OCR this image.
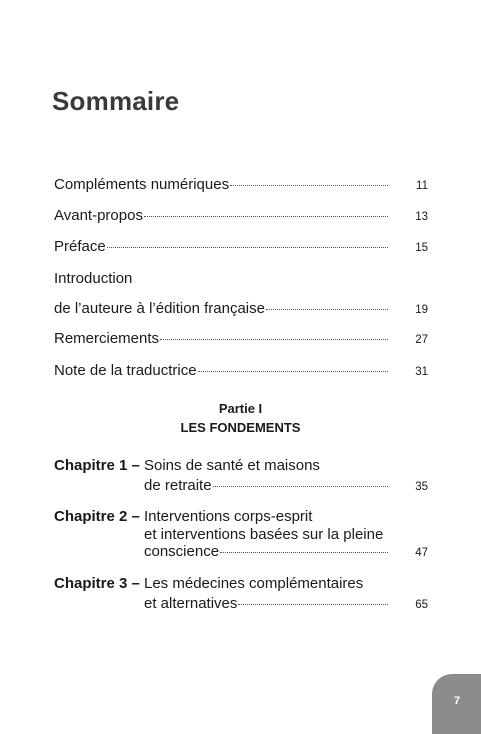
Sommaire
Compléments numériques	11
Avant-propos	13
Préface	15
Introduction
de l’auteure à l’édition française	19
Remerciements	27
Note de la traductrice	31
Partie I
LES FONDEMENTS
Chapitre 1 – Soins de santé et maisons
de retraite	35
Chapitre 2 – Interventions corps-esprit
et interventions basées sur la pleine
conscience	47
Chapitre 3 – Les médecines complémentaires
et alternatives	65
7
